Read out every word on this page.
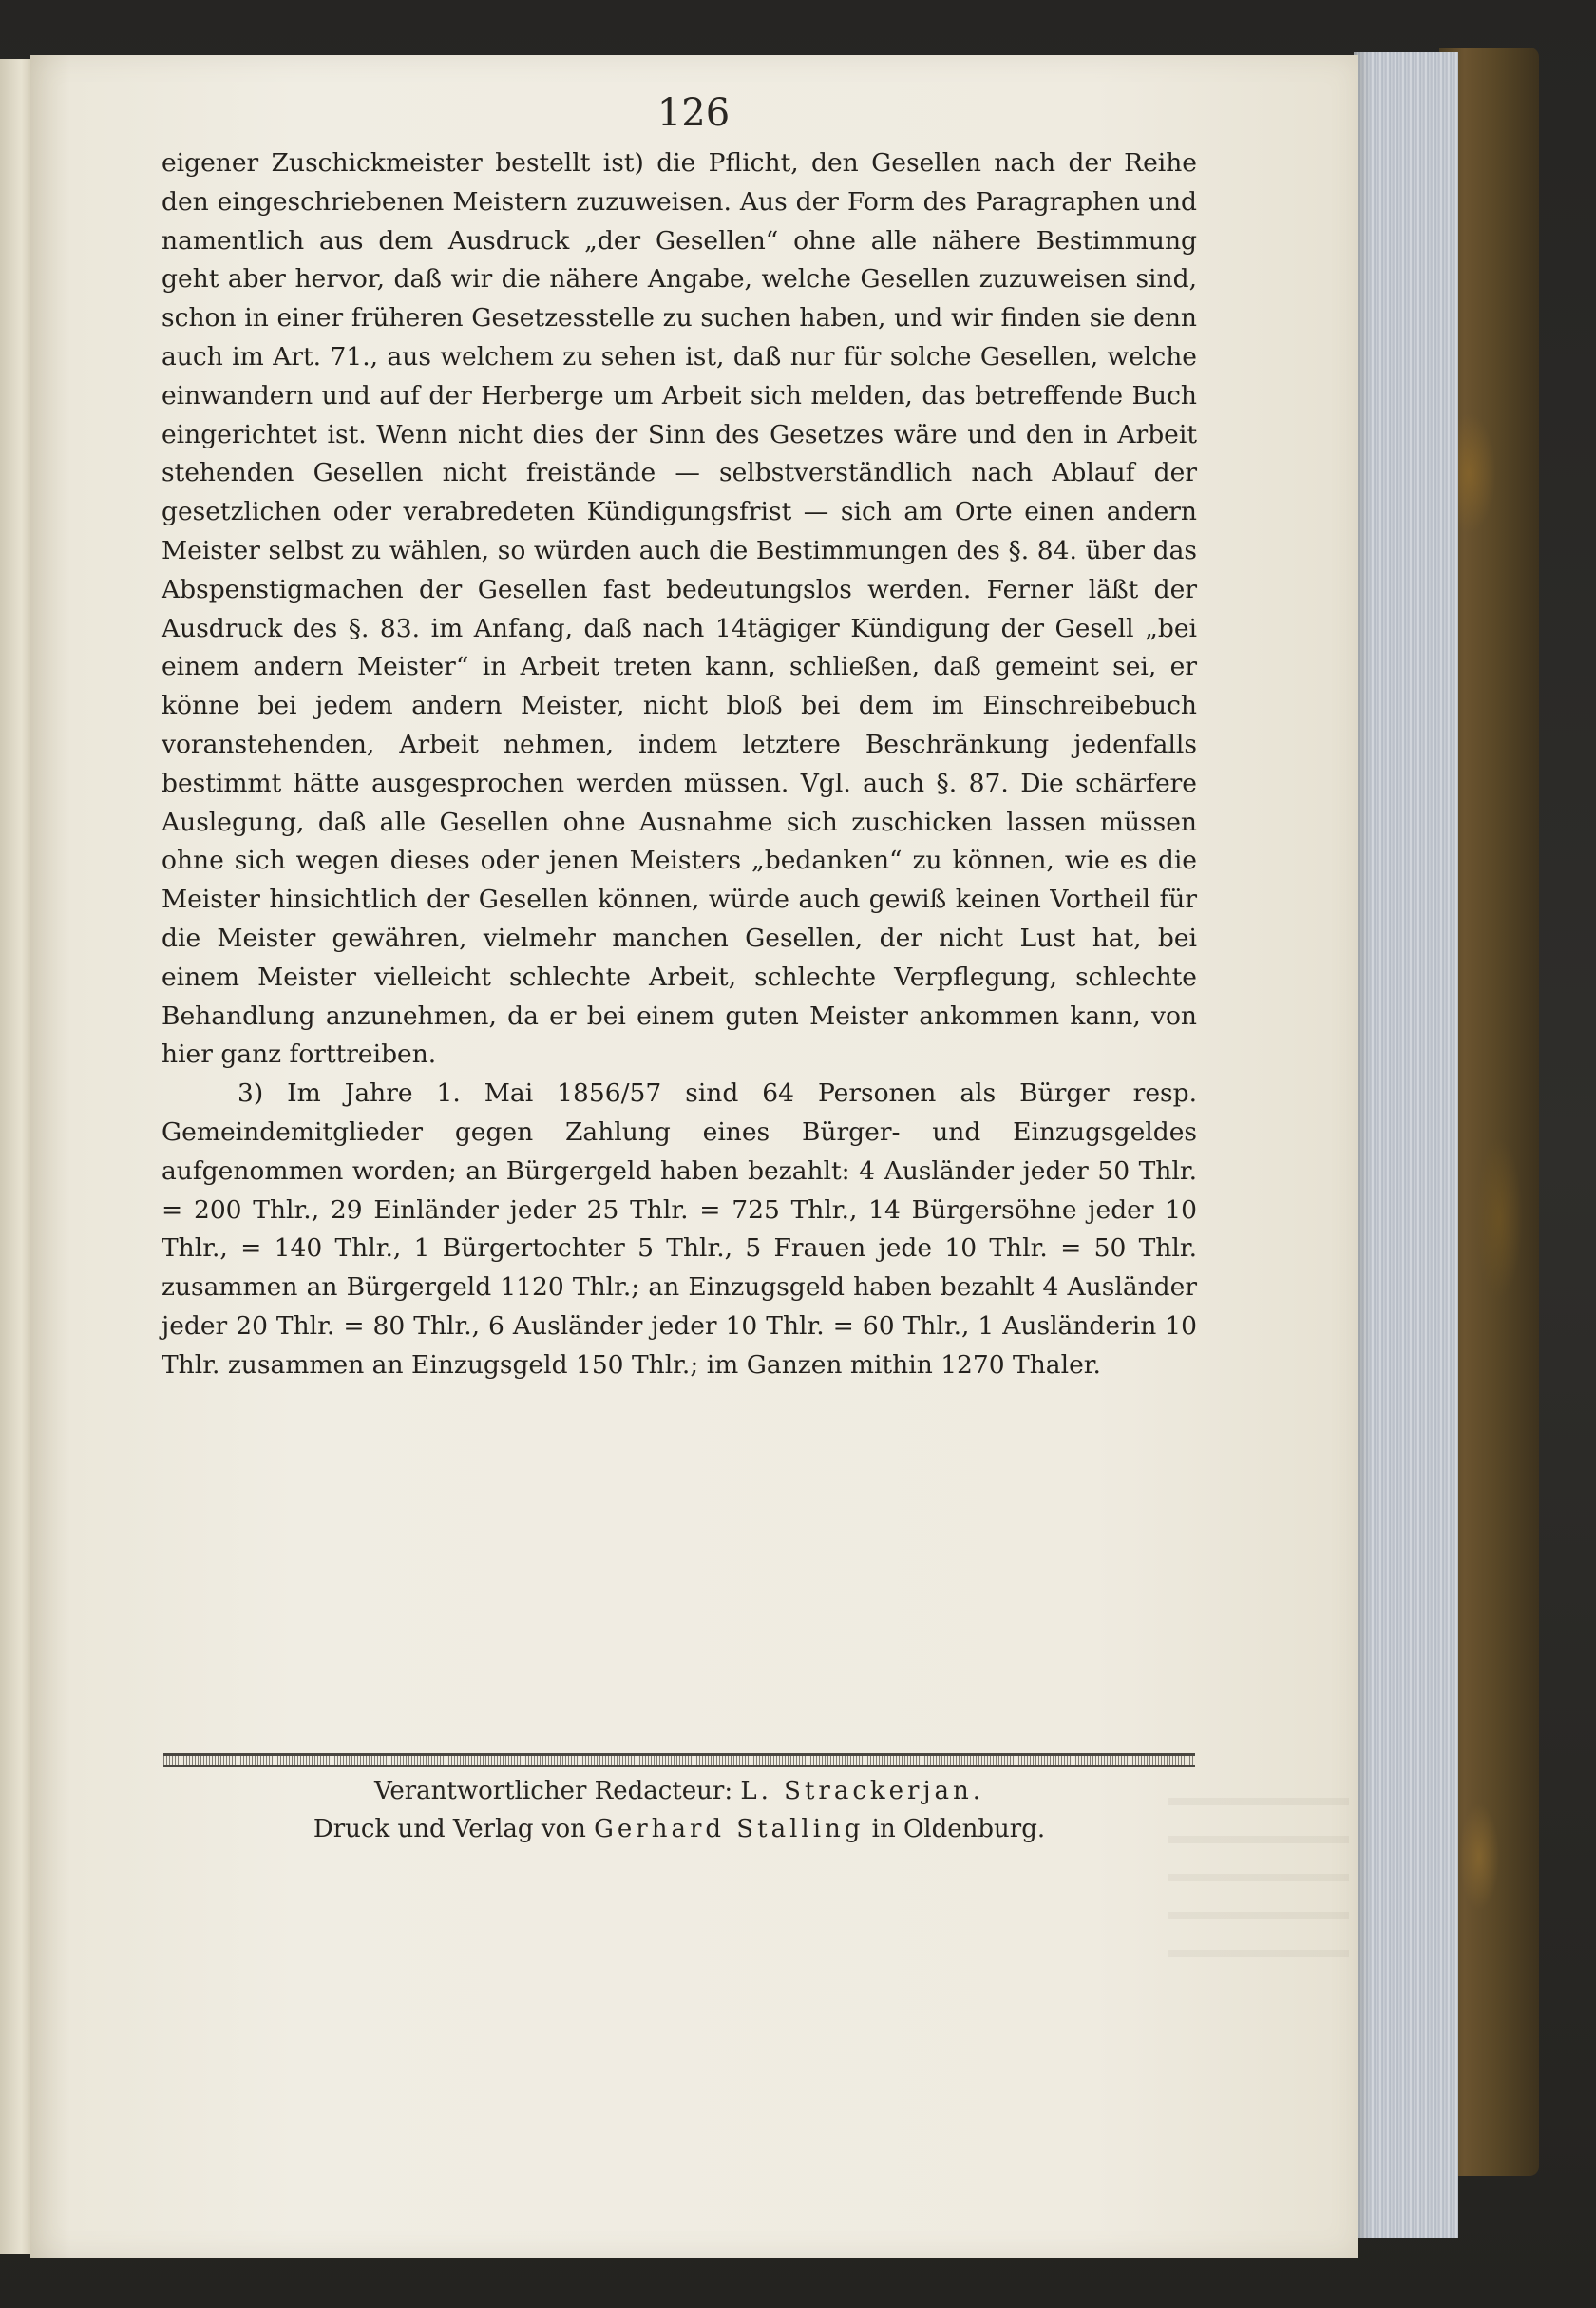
126

eigener Zuschickmeister bestellt ist) die Pflicht, den Gesellen nach der Reihe den eingeschriebenen Meistern zuzuweisen. Aus der Form des Paragraphen und namentlich aus dem Ausdruck „der Gesellen“ ohne alle nähere Bestimmung geht aber hervor, daß wir die nähere Angabe, welche Gesellen zuzuweisen sind, schon in einer früheren Gesetzesstelle zu suchen haben, und wir finden sie denn auch im Art. 71., aus welchem zu sehen ist, daß nur für solche Gesellen, welche einwandern und auf der Herberge um Arbeit sich melden, das betreffende Buch eingerichtet ist. Wenn nicht dies der Sinn des Gesetzes wäre und den in Arbeit stehenden Gesellen nicht freistände — selbstverständlich nach Ablauf der gesetzlichen oder verabredeten Kündigungsfrist — sich am Orte einen andern Meister selbst zu wählen, so würden auch die Bestimmungen des §. 84. über das Abspenstigmachen der Gesellen fast bedeutungslos werden. Ferner läßt der Ausdruck des §. 83. im Anfang, daß nach 14tägiger Kündigung der Gesell „bei einem andern Meister“ in Arbeit treten kann, schließen, daß gemeint sei, er könne bei jedem andern Meister, nicht bloß bei dem im Einschreibebuch voranstehenden, Arbeit nehmen, indem letztere Beschränkung jedenfalls bestimmt hätte ausgesprochen werden müssen. Vgl. auch §. 87. Die schärfere Auslegung, daß alle Gesellen ohne Ausnahme sich zuschicken lassen müssen ohne sich wegen dieses oder jenen Meisters „bedanken“ zu können, wie es die Meister hinsichtlich der Gesellen können, würde auch gewiß keinen Vortheil für die Meister gewähren, vielmehr manchen Gesellen, der nicht Lust hat, bei einem Meister vielleicht schlechte Arbeit, schlechte Verpflegung, schlechte Behandlung anzunehmen, da er bei einem guten Meister ankommen kann, von hier ganz forttreiben.

3) Im Jahre 1. Mai 1856/57 sind 64 Personen als Bürger resp. Gemeindemitglieder gegen Zahlung eines Bürger- und Einzugsgeldes aufgenommen worden; an Bürgergeld haben bezahlt: 4 Ausländer jeder 50 Thlr. = 200 Thlr., 29 Einländer jeder 25 Thlr. = 725 Thlr., 14 Bürgersöhne jeder 10 Thlr., = 140 Thlr., 1 Bürgertochter 5 Thlr., 5 Frauen jede 10 Thlr. = 50 Thlr. zusammen an Bürgergeld 1120 Thlr.; an Einzugsgeld haben bezahlt 4 Ausländer jeder 20 Thlr. = 80 Thlr., 6 Ausländer jeder 10 Thlr. = 60 Thlr., 1 Ausländerin 10 Thlr. zusammen an Einzugsgeld 150 Thlr.; im Ganzen mithin 1270 Thaler.

Verantwortlicher Redacteur: L. Strackerjan.
Druck und Verlag von Gerhard Stalling in Oldenburg.
